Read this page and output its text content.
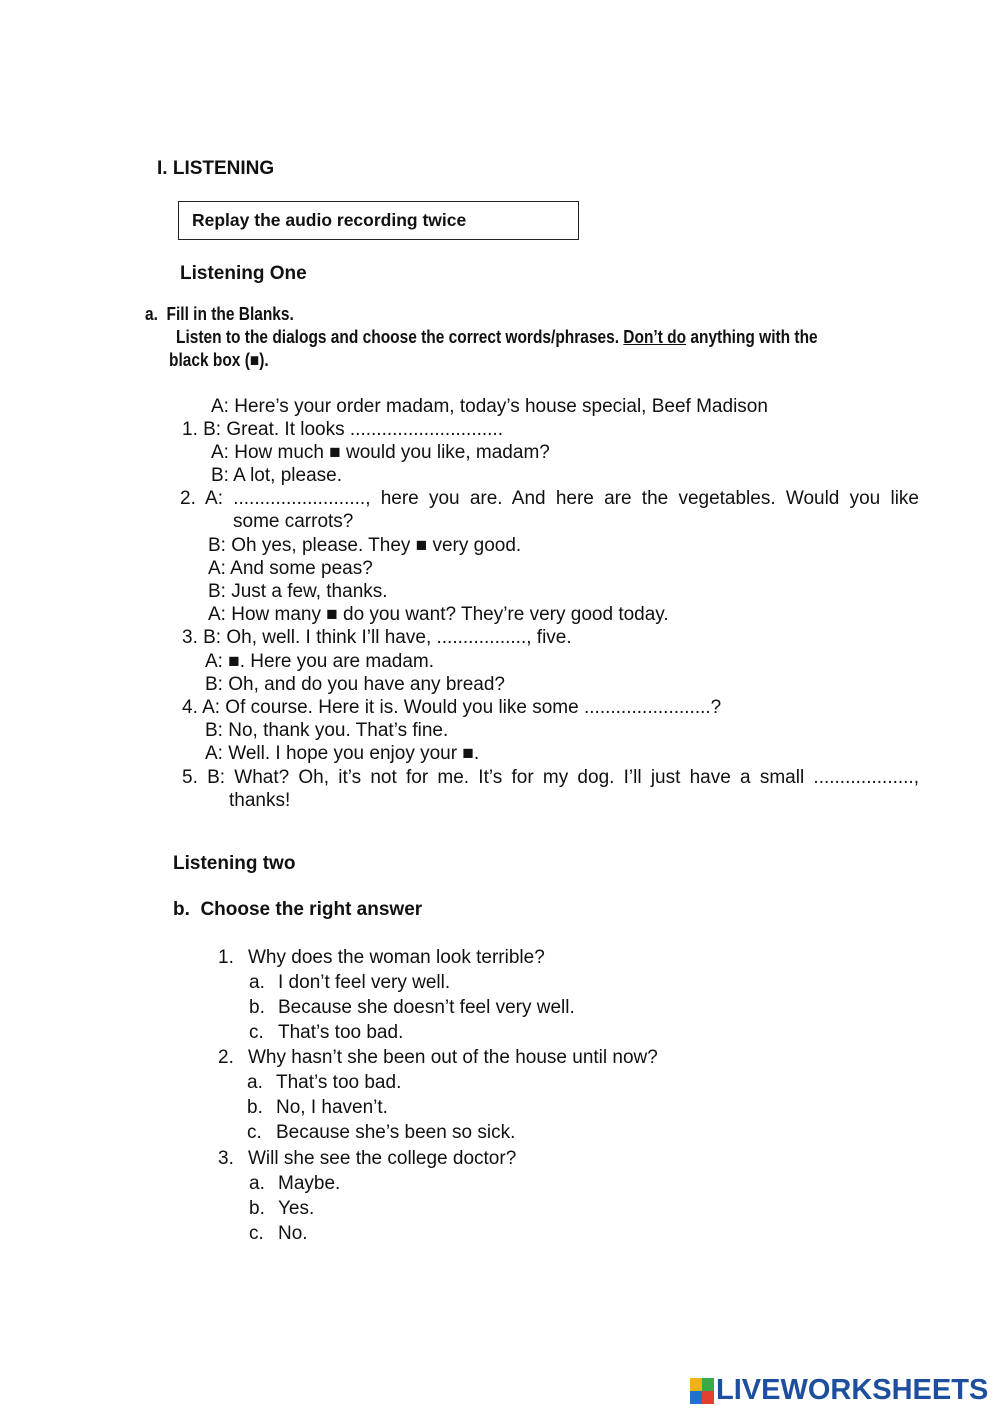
I. LISTENING
Replay the audio recording twice
Listening One
a. Fill in the Blanks.
Listen to the dialogs and choose the correct words/phrases. Don’t do anything with the
black box (■).
A: Here’s your order madam, today’s house special, Beef Madison
1. B: Great. It looks .............................
A: How much ■ would you like, madam?
B: A lot, please.
2. A: ........................., here you are. And here are the vegetables. Would you like
some carrots?
B: Oh yes, please. They ■ very good.
A: And some peas?
B: Just a few, thanks.
A: How many ■ do you want? They’re very good today.
3. B: Oh, well. I think I’ll have, ................., five.
A: ■. Here you are madam.
B: Oh, and do you have any bread?
4. A: Of course. Here it is. Would you like some ........................?
B: No, thank you. That’s fine.
A: Well. I hope you enjoy your ■.
5. B: What? Oh, it’s not for me. It’s for my dog. I’ll just have a small ...................,
thanks!
Listening two
b. Choose the right answer
1. Why does the woman look terrible?
a. I don’t feel very well.
b. Because she doesn’t feel very well.
c. That’s too bad.
2. Why hasn’t she been out of the house until now?
a. That’s too bad.
b. No, I haven’t.
c. Because she’s been so sick.
3. Will she see the college doctor?
a. Maybe.
b. Yes.
c. No.
LIVEWORKSHEETS
